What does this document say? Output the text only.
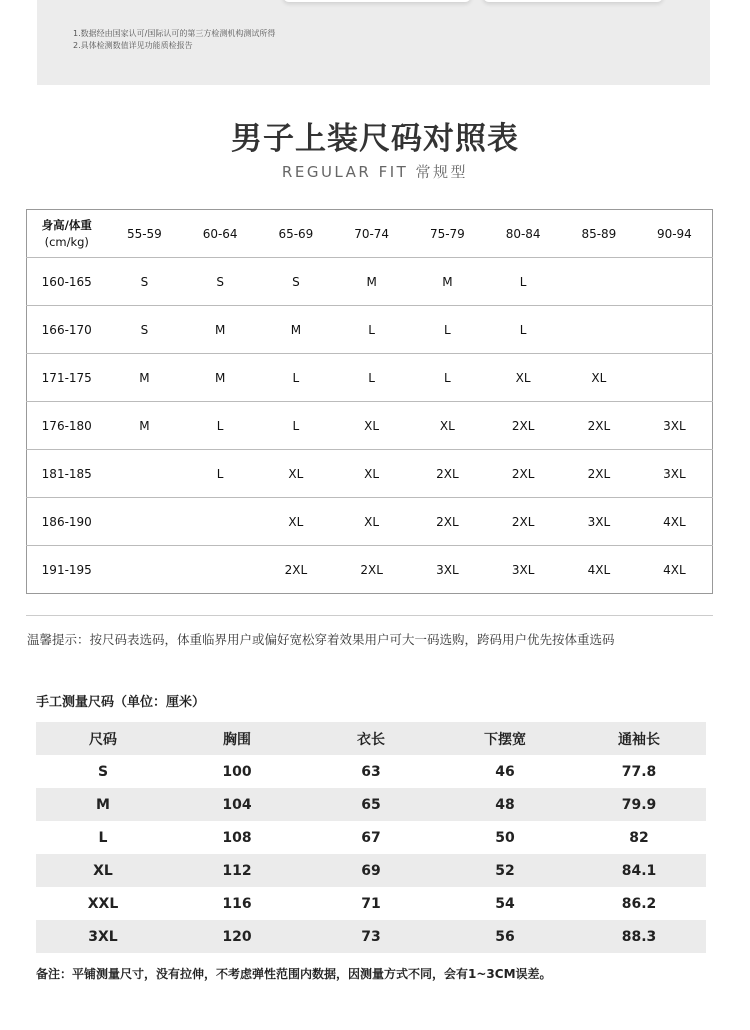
1.数据经由国家认可/国际认可的第三方检测机构测试所得
2.具体检测数值详见功能质检报告
男子上装尺码对照表
REGULAR FIT 常规型
身高/体重
(cm/kg)	55-59	60-64	65-69	70-74	75-79	80-84	85-89	90-94
160-165	S	S	S	M	M	L		
166-170	S	M	M	L	L	L		
171-175	M	M	L	L	L	XL	XL	
176-180	M	L	L	XL	XL	2XL	2XL	3XL
181-185		L	XL	XL	2XL	2XL	2XL	3XL
186-190			XL	XL	2XL	2XL	3XL	4XL
191-195			2XL	2XL	3XL	3XL	4XL	4XL
温馨提示：按尺码表选码，体重临界用户或偏好宽松穿着效果用户可大一码选购，跨码用户优先按体重选码
手工测量尺码（单位：厘米）
尺码	胸围	衣长	下摆宽	通袖长
S	100	63	46	77.8
M	104	65	48	79.9
L	108	67	50	82
XL	112	69	52	84.1
XXL	116	71	54	86.2
3XL	120	73	56	88.3
备注：平铺测量尺寸，没有拉伸，不考虑弹性范围内数据，因测量方式不同，会有1~3CM误差。
